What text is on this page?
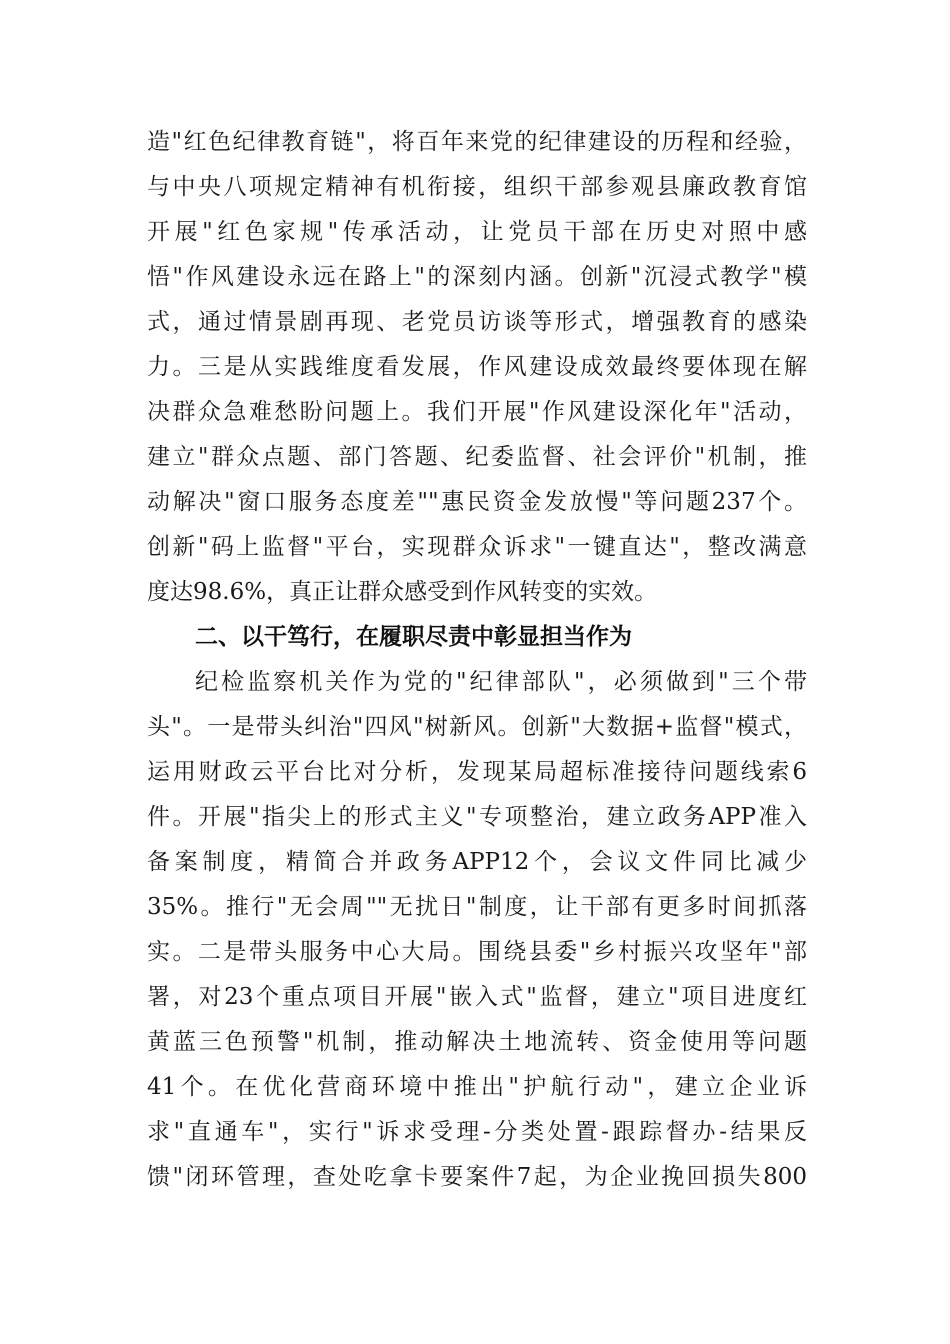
造"红色纪律教育链"，将百年来党的纪律建设的历程和经验，
与中央八项规定精神有机衔接，组织干部参观县廉政教育馆
开展"红色家规"传承活动，让党员干部在历史对照中感
悟"作风建设永远在路上"的深刻内涵。创新"沉浸式教学"模
式，通过情景剧再现、老党员访谈等形式，增强教育的感染
力。三是从实践维度看发展，作风建设成效最终要体现在解
决群众急难愁盼问题上。我们开展"作风建设深化年"活动，
建立"群众点题、部门答题、纪委监督、社会评价"机制，推
动解决"窗口服务态度差""惠民资金发放慢"等问题237个。
创新"码上监督"平台，实现群众诉求"一键直达"，整改满意
度达98.6%，真正让群众感受到作风转变的实效。
二、以干笃行，在履职尽责中彰显担当作为
纪检监察机关作为党的"纪律部队"，必须做到"三个带
头"。一是带头纠治"四风"树新风。创新"大数据+监督"模式，
运用财政云平台比对分析，发现某局超标准接待问题线索6
件。开展"指尖上的形式主义"专项整治，建立政务APP准入
备案制度，精简合并政务APP12个，会议文件同比减少
35%。推行"无会周""无扰日"制度，让干部有更多时间抓落
实。二是带头服务中心大局。围绕县委"乡村振兴攻坚年"部
署，对23个重点项目开展"嵌入式"监督，建立"项目进度红
黄蓝三色预警"机制，推动解决土地流转、资金使用等问题
41个。在优化营商环境中推出"护航行动"，建立企业诉
求"直通车"，实行"诉求受理-分类处置-跟踪督办-结果反
馈"闭环管理，查处吃拿卡要案件7起，为企业挽回损失800
